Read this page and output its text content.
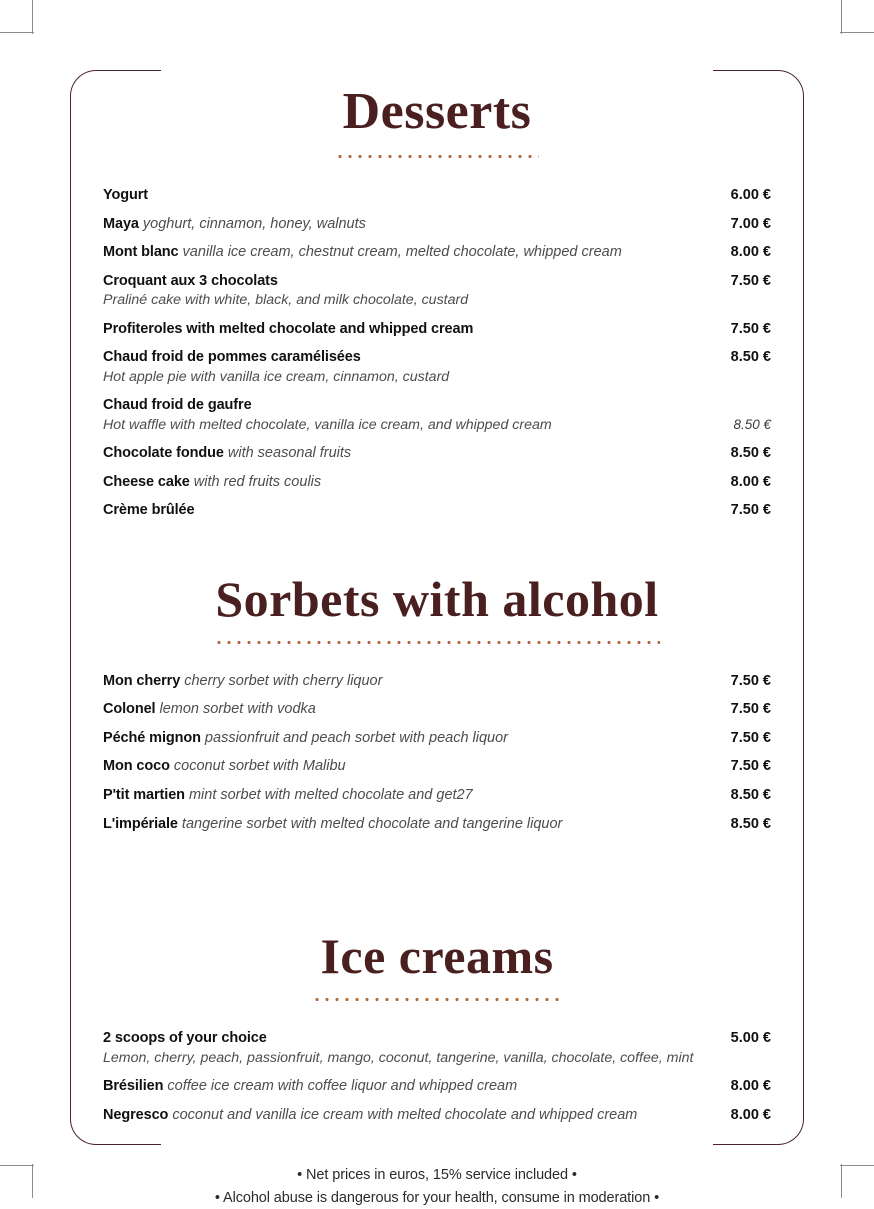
Desserts
Yogurt	6.00 €
Maya yoghurt, cinnamon, honey, walnuts	7.00 €
Mont blanc vanilla ice cream, chestnut cream, melted chocolate, whipped cream	8.00 €
Croquant aux 3 chocolats	7.50 €
Praliné cake with white, black, and milk chocolate, custard
Profiteroles with melted chocolate and whipped cream	7.50 €
Chaud froid de pommes caramélisées	8.50 €
Hot apple pie with vanilla ice cream, cinnamon, custard
Chaud froid de gaufre
Hot waffle with melted chocolate, vanilla ice cream, and whipped cream	8.50 €
Chocolate fondue with seasonal fruits	8.50 €
Cheese cake with red fruits coulis	8.00 €
Crème brûlée	7.50 €
Sorbets with alcohol
Mon cherry cherry sorbet with cherry liquor	7.50 €
Colonel lemon sorbet with vodka	7.50 €
Péché mignon passionfruit and peach sorbet with peach liquor	7.50 €
Mon coco coconut sorbet with Malibu	7.50 €
P'tit martien mint sorbet with melted chocolate and get27	8.50 €
L'impériale tangerine sorbet with melted chocolate and tangerine liquor	8.50 €
Ice creams
2 scoops of your choice	5.00 €
Lemon, cherry, peach, passionfruit, mango, coconut, tangerine, vanilla, chocolate, coffee, mint
Brésilien coffee ice cream with coffee liquor and whipped cream	8.00 €
Negresco coconut and vanilla ice cream with melted chocolate and whipped cream	8.00 €
• Net prices in euros, 15% service included •
• Alcohol abuse is dangerous for your health, consume in moderation •
